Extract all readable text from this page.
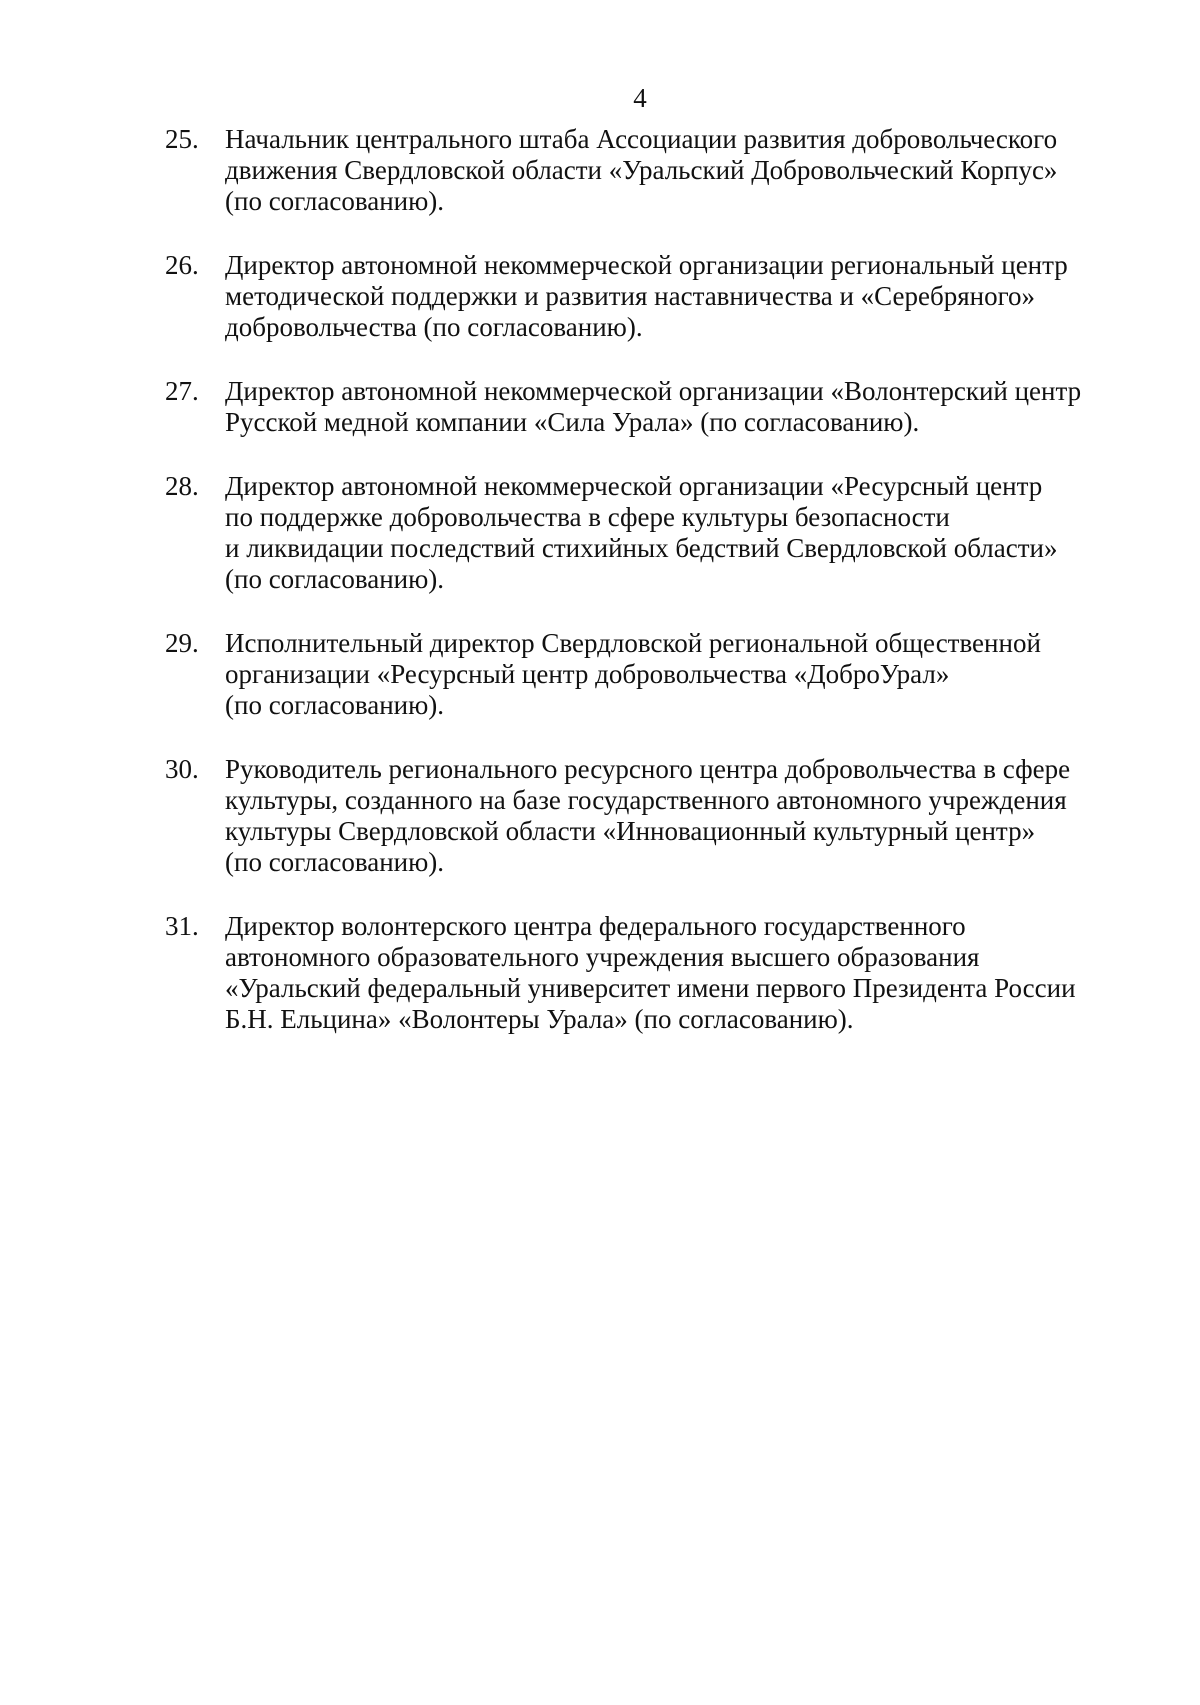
4
25. Начальник центрального штаба Ассоциации развития добровольческого
движения Свердловской области «Уральский Добровольческий Корпус»
(по согласованию).
26. Директор автономной некоммерческой организации региональный центр
методической поддержки и развития наставничества и «Серебряного»
добровольчества (по согласованию).
27. Директор автономной некоммерческой организации «Волонтерский центр
Русской медной компании «Сила Урала» (по согласованию).
28. Директор автономной некоммерческой организации «Ресурсный центр
по поддержке добровольчества в сфере культуры безопасности
и ликвидации последствий стихийных бедствий Свердловской области»
(по согласованию).
29. Исполнительный директор Свердловской региональной общественной
организации «Ресурсный центр добровольчества «ДоброУрал»
(по согласованию).
30. Руководитель регионального ресурсного центра добровольчества в сфере
культуры, созданного на базе государственного автономного учреждения
культуры Свердловской области «Инновационный культурный центр»
(по согласованию).
31. Директор волонтерского центра федерального государственного
автономного образовательного учреждения высшего образования
«Уральский федеральный университет имени первого Президента России
Б.Н. Ельцина» «Волонтеры Урала» (по согласованию).
